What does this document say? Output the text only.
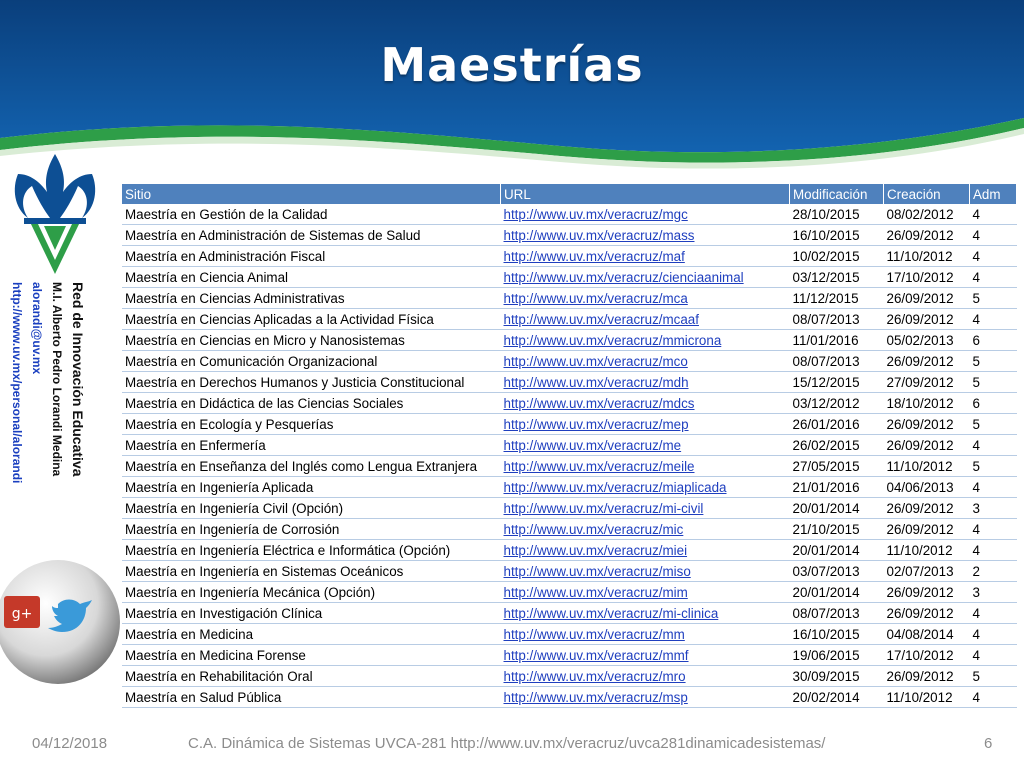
Maestrías
Red de Innovación Educativa
M.I. Alberto Pedro Lorandi Medina
alorandi@uv.mx
http://www.uv.mx/personal/alorandi
g+
Sitio	URL	Modificación	Creación	Adm
Maestría en Gestión de la Calidad	http://www.uv.mx/veracruz/mgc	28/10/2015	08/02/2012	4
Maestría en Administración de Sistemas de Salud	http://www.uv.mx/veracruz/mass	16/10/2015	26/09/2012	4
Maestría en Administración Fiscal	http://www.uv.mx/veracruz/maf	10/02/2015	11/10/2012	4
Maestría en Ciencia Animal	http://www.uv.mx/veracruz/cienciaanimal	03/12/2015	17/10/2012	4
Maestría en Ciencias Administrativas	http://www.uv.mx/veracruz/mca	11/12/2015	26/09/2012	5
Maestría en Ciencias Aplicadas a la Actividad Física	http://www.uv.mx/veracruz/mcaaf	08/07/2013	26/09/2012	4
Maestría en Ciencias en Micro y Nanosistemas	http://www.uv.mx/veracruz/mmicrona	11/01/2016	05/02/2013	6
Maestría en Comunicación Organizacional	http://www.uv.mx/veracruz/mco	08/07/2013	26/09/2012	5
Maestría en Derechos Humanos y Justicia Constitucional	http://www.uv.mx/veracruz/mdh	15/12/2015	27/09/2012	5
Maestría en Didáctica de las Ciencias Sociales	http://www.uv.mx/veracruz/mdcs	03/12/2012	18/10/2012	6
Maestría en Ecología y Pesquerías	http://www.uv.mx/veracruz/mep	26/01/2016	26/09/2012	5
Maestría en Enfermería	http://www.uv.mx/veracruz/me	26/02/2015	26/09/2012	4
Maestría en Enseñanza del Inglés como Lengua Extranjera	http://www.uv.mx/veracruz/meile	27/05/2015	11/10/2012	5
Maestría en Ingeniería Aplicada	http://www.uv.mx/veracruz/miaplicada	21/01/2016	04/06/2013	4
Maestría en Ingeniería Civil (Opción)	http://www.uv.mx/veracruz/mi-civil	20/01/2014	26/09/2012	3
Maestría en Ingeniería de Corrosión	http://www.uv.mx/veracruz/mic	21/10/2015	26/09/2012	4
Maestría en Ingeniería Eléctrica e Informática (Opción)	http://www.uv.mx/veracruz/miei	20/01/2014	11/10/2012	4
Maestría en Ingeniería en Sistemas Oceánicos	http://www.uv.mx/veracruz/miso	03/07/2013	02/07/2013	2
Maestría en Ingeniería Mecánica (Opción)	http://www.uv.mx/veracruz/mim	20/01/2014	26/09/2012	3
Maestría en Investigación Clínica	http://www.uv.mx/veracruz/mi-clinica	08/07/2013	26/09/2012	4
Maestría en Medicina	http://www.uv.mx/veracruz/mm	16/10/2015	04/08/2014	4
Maestría en Medicina Forense	http://www.uv.mx/veracruz/mmf	19/06/2015	17/10/2012	4
Maestría en Rehabilitación Oral	http://www.uv.mx/veracruz/mro	30/09/2015	26/09/2012	5
Maestría en Salud Pública	http://www.uv.mx/veracruz/msp	20/02/2014	11/10/2012	4
04/12/2018	C.A. Dinámica de Sistemas UVCA-281 http://www.uv.mx/veracruz/uvca281dinamicadesistemas/	6
